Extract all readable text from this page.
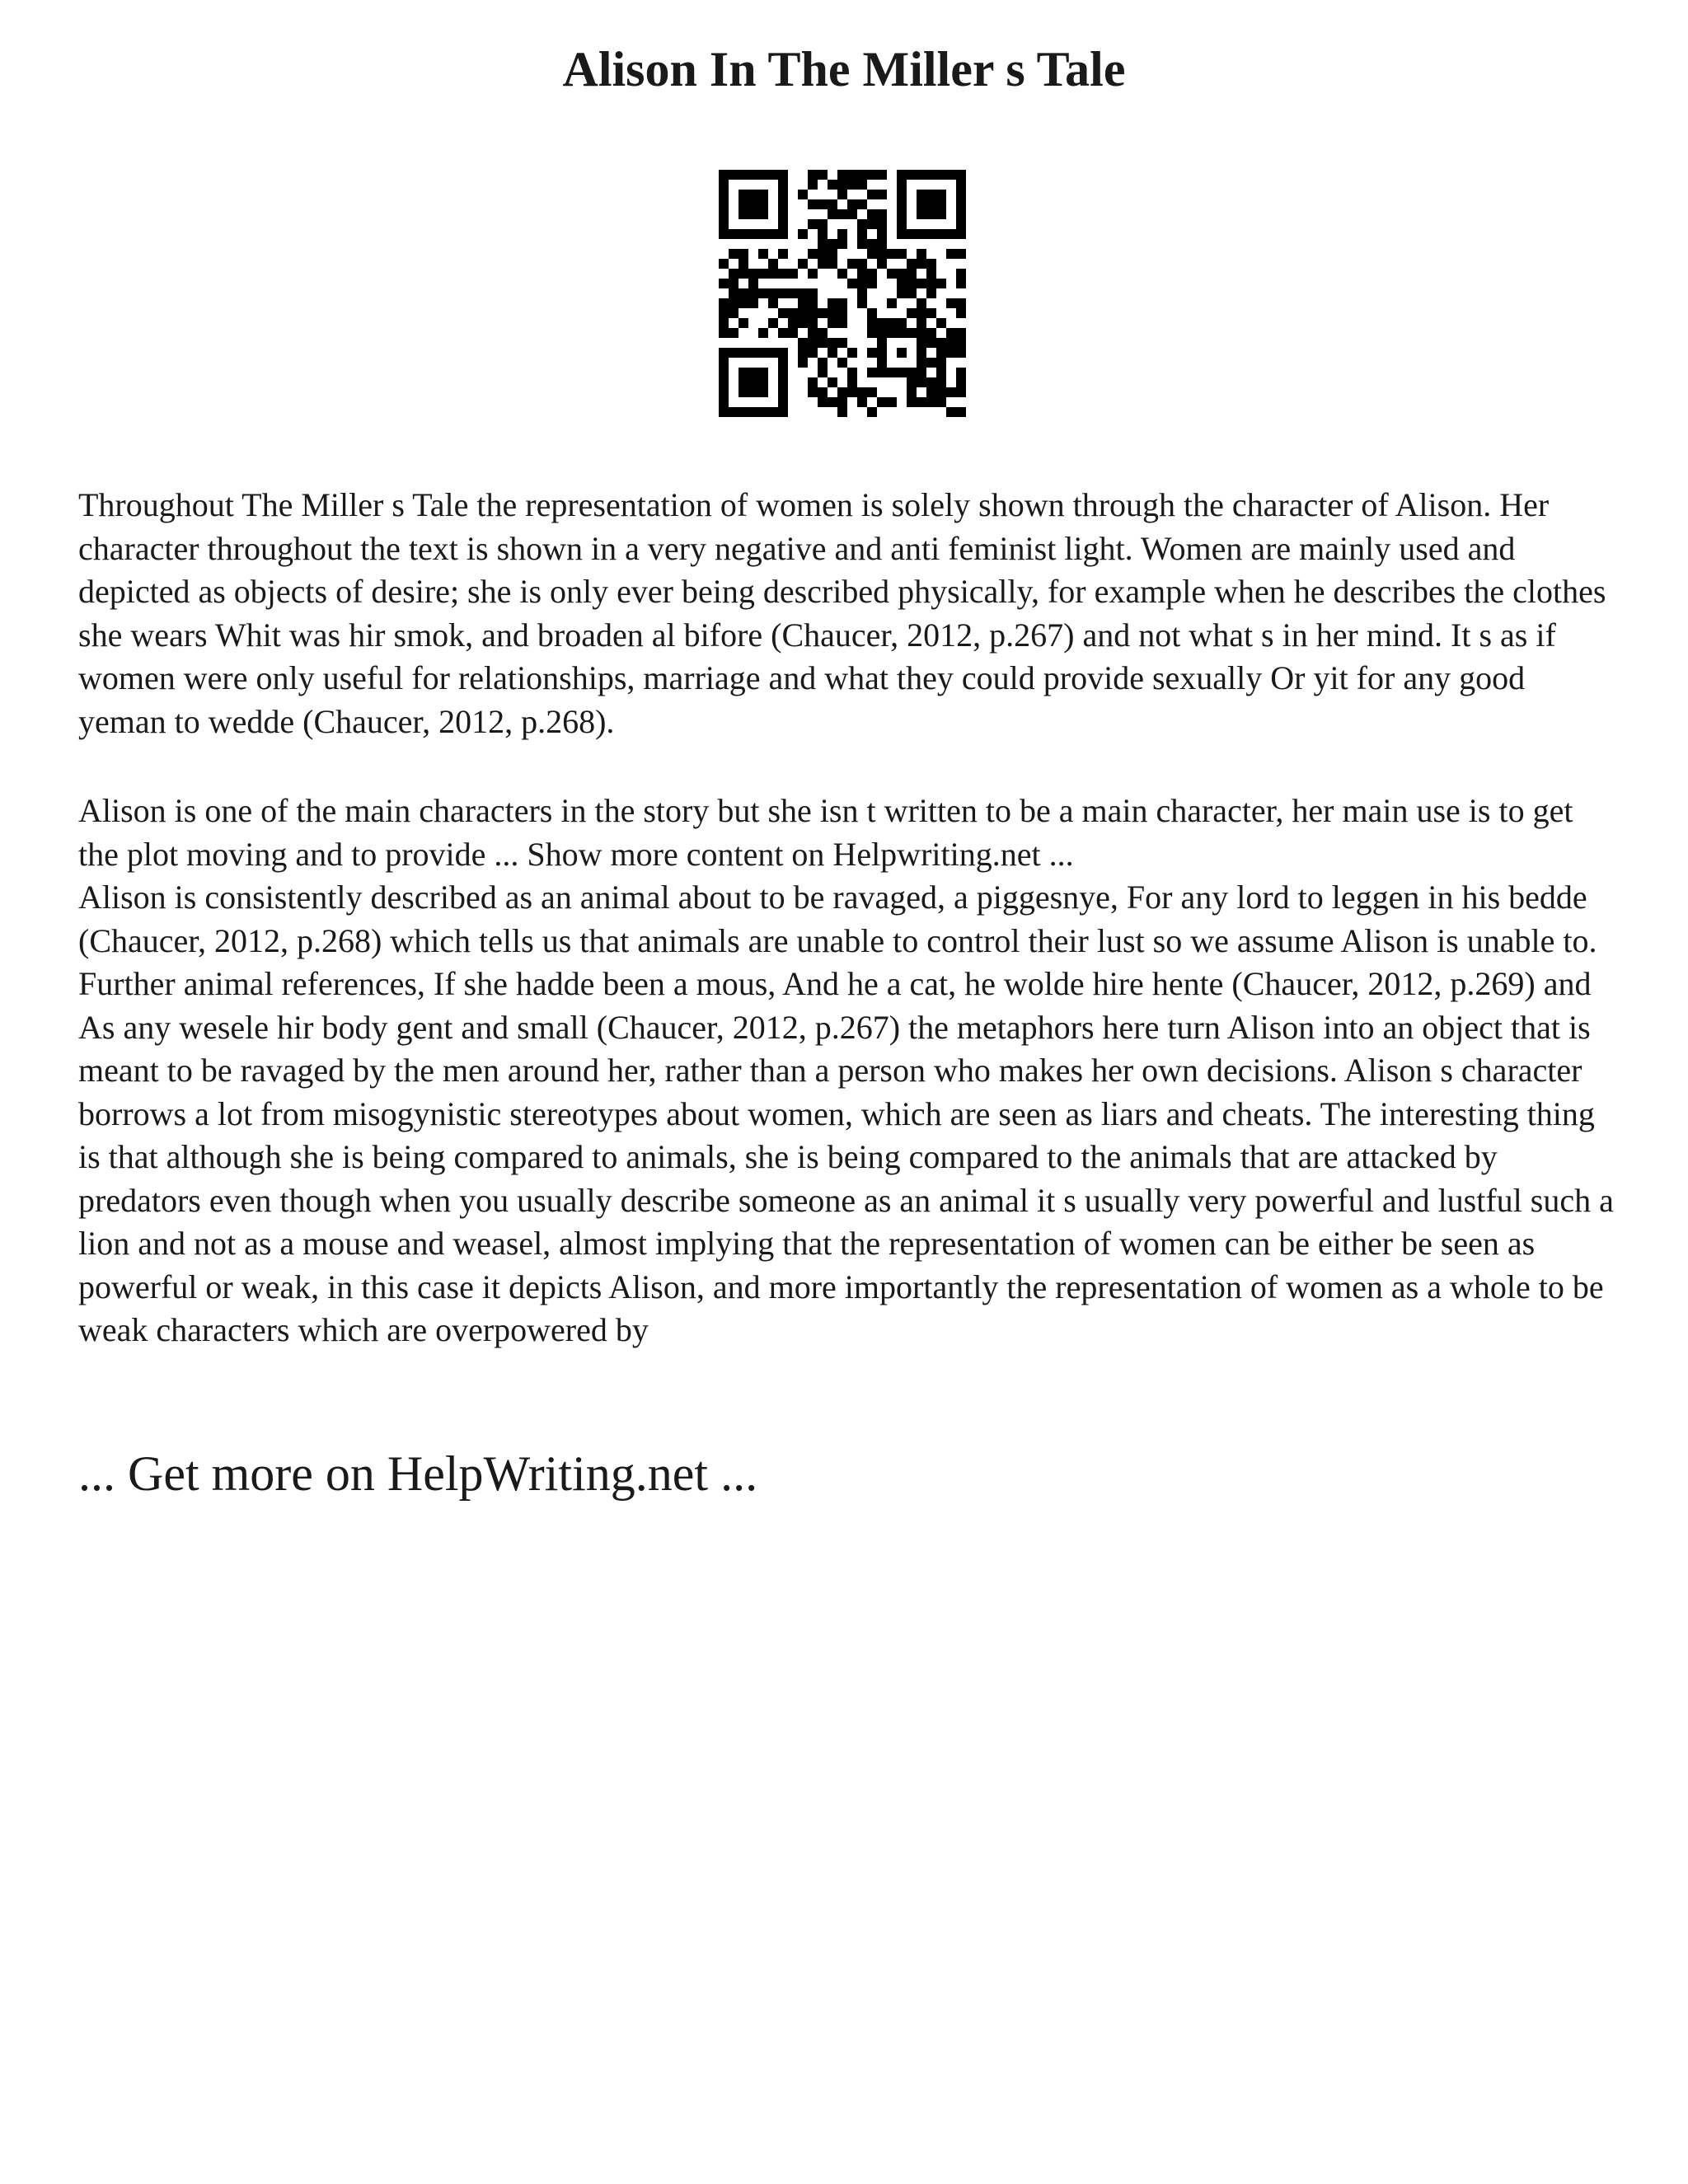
Alison In The Miller s Tale

Throughout The Miller s Tale the representation of women is solely shown through the character of Alison. Her character throughout the text is shown in a very negative and anti feminist light. Women are mainly used and depicted as objects of desire; she is only ever being described physically, for example when he describes the clothes she wears Whit was hir smok, and broaden al bifore (Chaucer, 2012, p.267) and not what s in her mind. It s as if women were only useful for relationships, marriage and what they could provide sexually Or yit for any good yeman to wedde (Chaucer, 2012, p.268).

Alison is one of the main characters in the story but she isn t written to be a main character, her main use is to get the plot moving and to provide ... Show more content on Helpwriting.net ...
Alison is consistently described as an animal about to be ravaged, a piggesnye, For any lord to leggen in his bedde (Chaucer, 2012, p.268) which tells us that animals are unable to control their lust so we assume Alison is unable to. Further animal references, If she hadde been a mous, And he a cat, he wolde hire hente (Chaucer, 2012, p.269) and As any wesele hir body gent and small (Chaucer, 2012, p.267) the metaphors here turn Alison into an object that is meant to be ravaged by the men around her, rather than a person who makes her own decisions. Alison s character borrows a lot from misogynistic stereotypes about women, which are seen as liars and cheats. The interesting thing is that although she is being compared to animals, she is being compared to the animals that are attacked by predators even though when you usually describe someone as an animal it s usually very powerful and lustful such a lion and not as a mouse and weasel, almost implying that the representation of women can be either be seen as powerful or weak, in this case it depicts Alison, and more importantly the representation of women as a whole to be weak characters which are overpowered by

... Get more on HelpWriting.net ...
